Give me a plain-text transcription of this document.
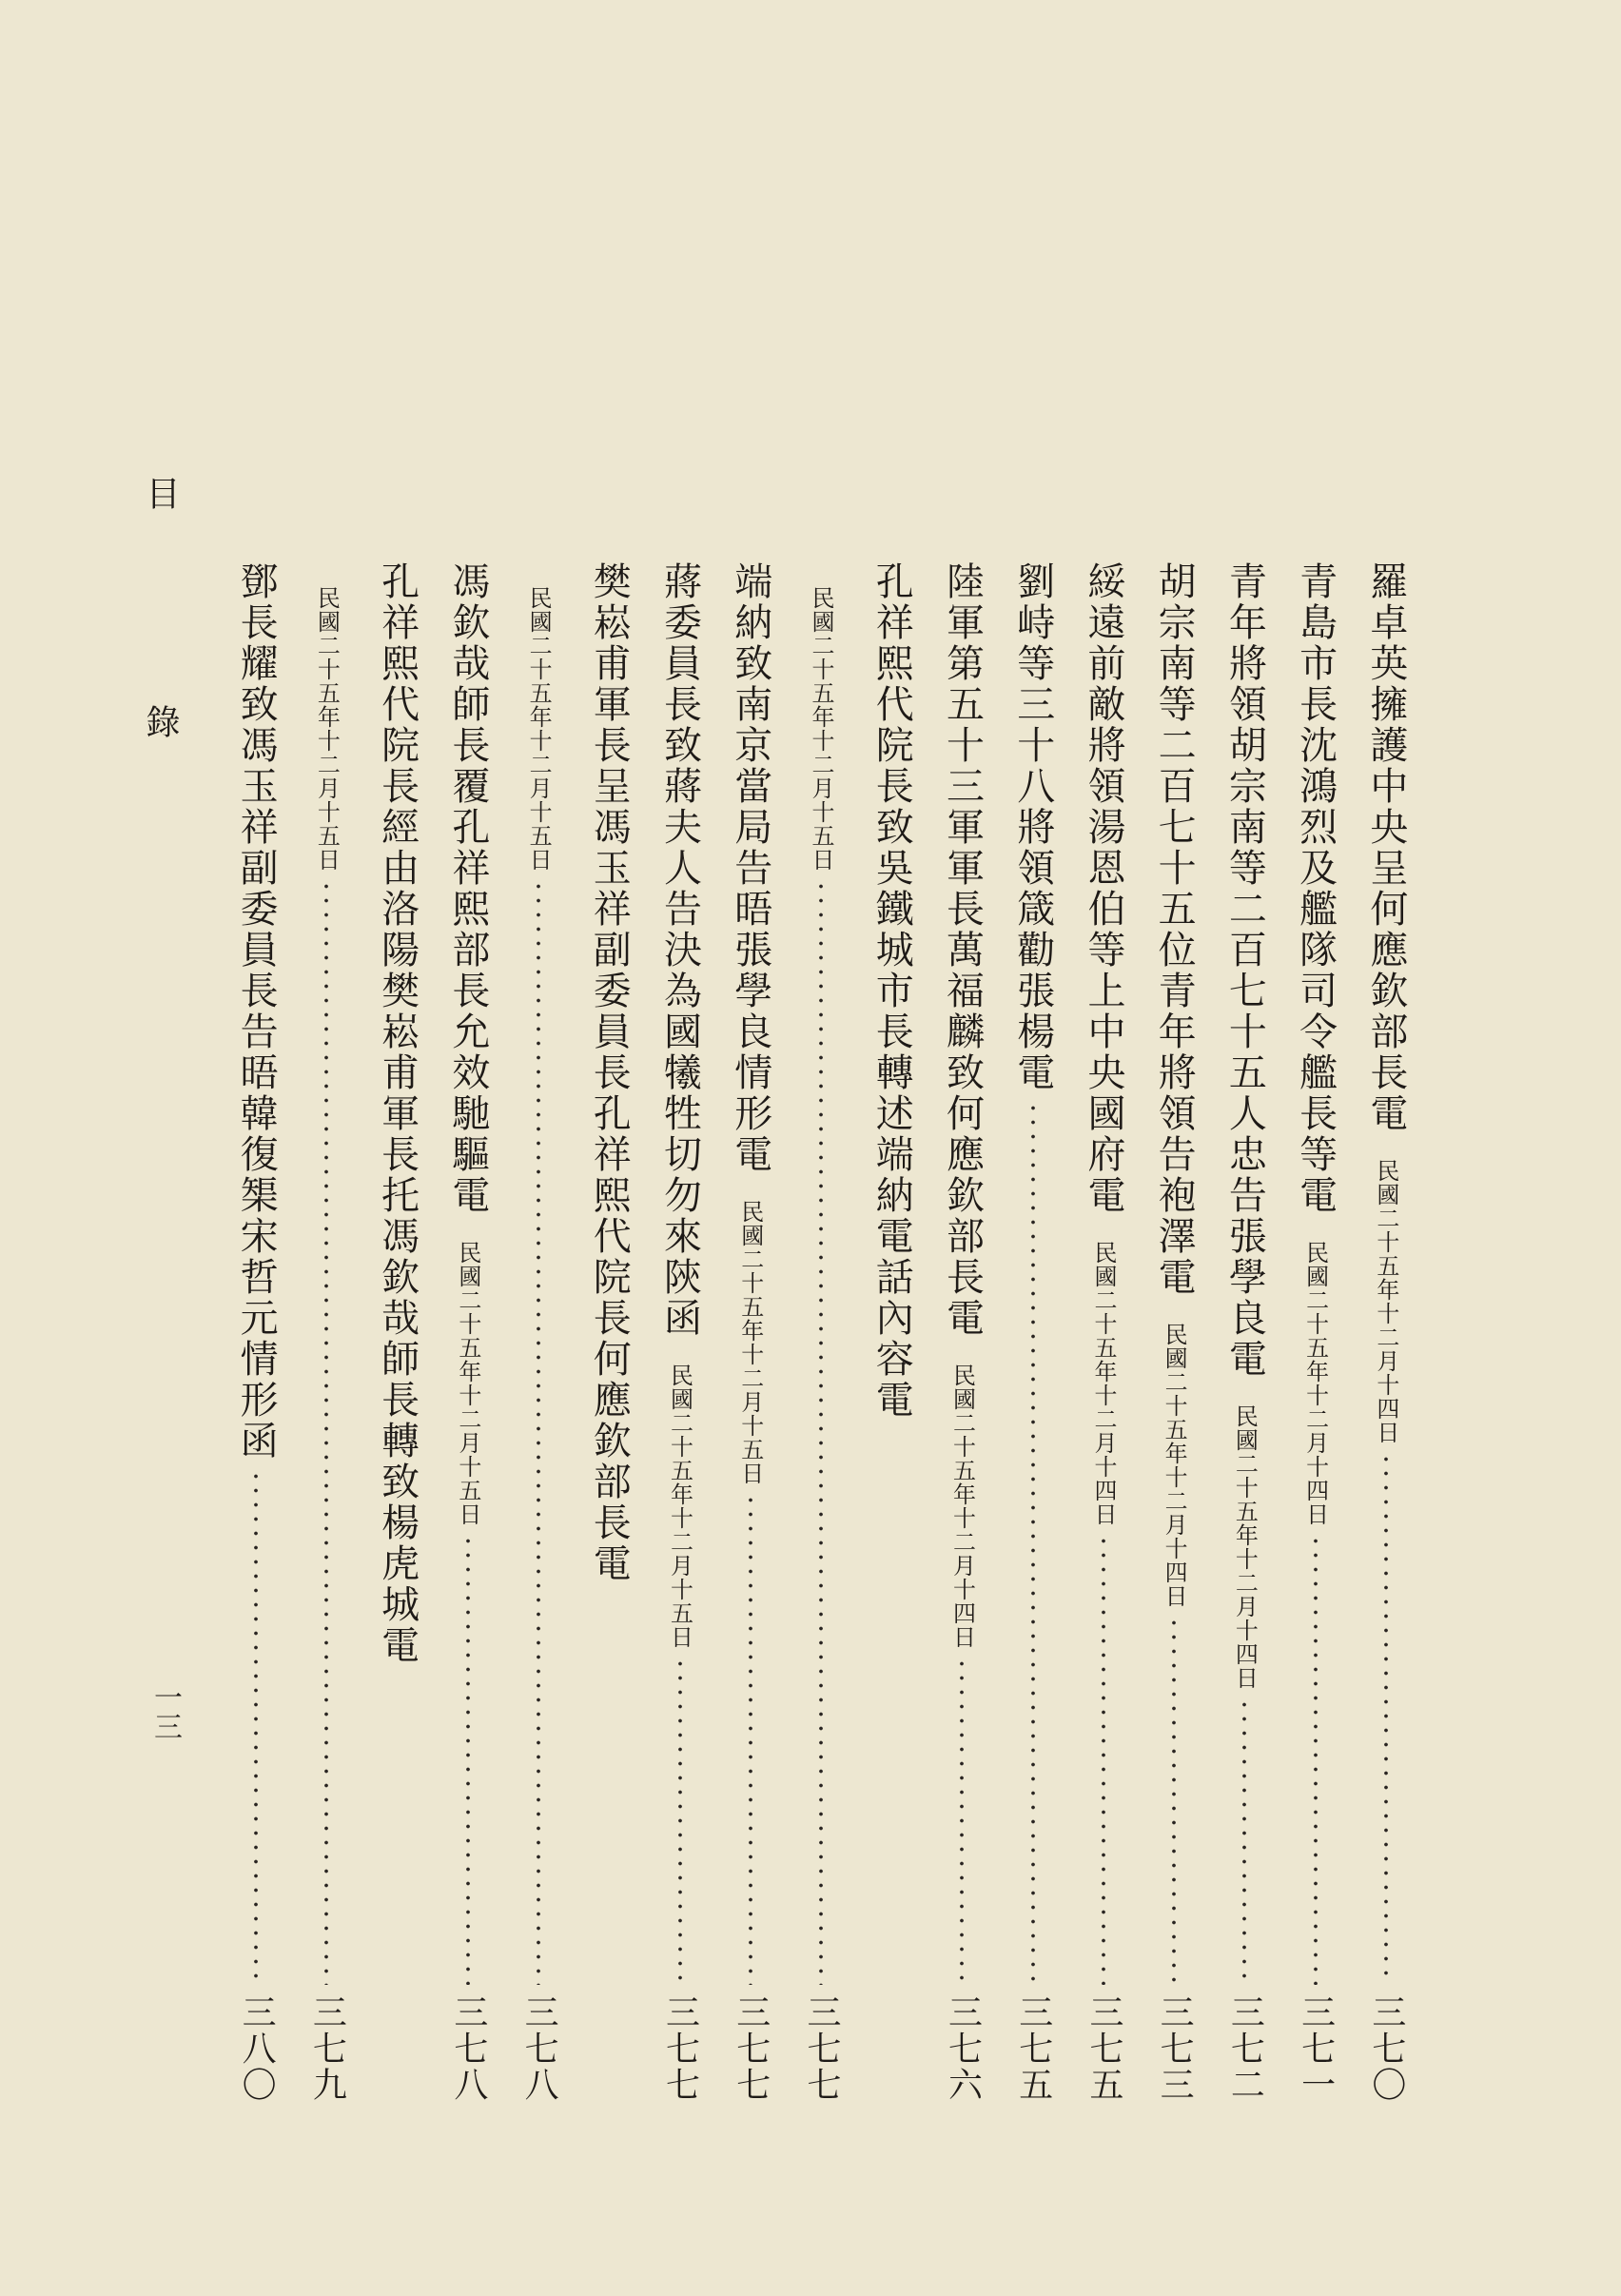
目
錄	羅卓英擁護中央呈何應欽部長電
民國二十五年十二月十四日
三七〇
青島市長沈鴻烈及艦隊司令艦長等電
民國二十五年十二月十四日
三七一
青年將領胡宗南等二百七十五人忠告張學良電
民國二十五年十二月十四日
三七二
胡宗南等二百七十五位青年將領告袍澤電
民國二十五年十二月十四日
三七三
綏遠前敵將領湯恩伯等上中央國府電
民國二十五年十二月十四日
三七五
劉峙等三十八將領箴勸張楊電
三七五
陸軍第五十三軍軍長萬福麟致何應欽部長電
民國二十五年十二月十四日
三七六
孔祥熙代院長致吳鐵城市長轉述端納電話內容電
民國二十五年十二月十五日
三七七
端納致南京當局告晤張學良情形電
民國二十五年十二月十五日
三七七
蔣委員長致蔣夫人告決為國犧牲切勿來陝函
民國二十五年十二月十五日
三七七
樊崧甫軍長呈馮玉祥副委員長孔祥熙代院長何應欽部長電
民國二十五年十二月十五日
三七八
馮欽哉師長覆孔祥熙部長允效馳驅電
民國二十五年十二月十五日
三七八
孔祥熙代院長經由洛陽樊崧甫軍長托馮欽哉師長轉致楊虎城電
民國二十五年十二月十五日
三七九
鄧長耀致馮玉祥副委員長告晤韓復榘宋哲元情形函
三八〇
一三
